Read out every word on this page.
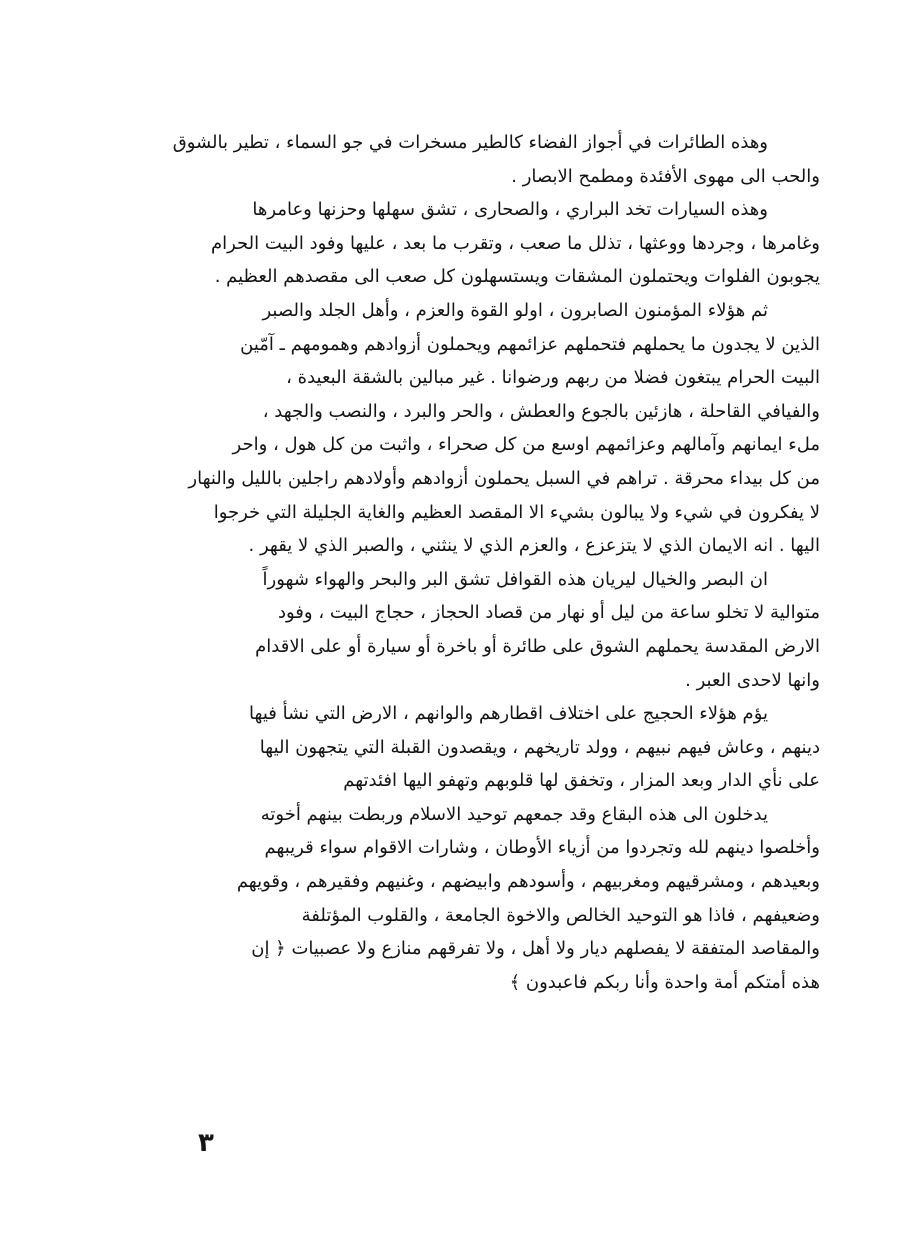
وهذه الطائرات في أجواز الفضاء كالطير مسخرات في جو السماء ، تطير بالشوق
والحب الى مهوى الأفئدة ومطمح الابصار .
وهذه السيارات تخد البراري ، والصحارى ، تشق سهلها وحزنها وعامرها
وغامرها ، وجردها ووعثها ، تذلل ما صعب ، وتقرب ما بعد ، عليها وفود البيت الحرام
يجوبون الفلوات ويحتملون المشقات ويستسهلون كل صعب الى مقصدهم العظيم .
ثم هؤلاء المؤمنون الصابرون ، اولو القوة والعزم ، وأهل الجلد والصبر
الذين لا يجدون ما يحملهم فتحملهم عزائمهم ويحملون أزوادهم وهمومهم ـ آمّين
البيت الحرام يبتغون فضلا من ربهم ورضوانا . غير مبالين بالشقة البعيدة ،
والفيافي القاحلة ، هازئين بالجوع والعطش ، والحر والبرد ، والنصب والجهد ،
ملء ايمانهم وآمالهم وعزائمهم اوسع من كل صحراء ، واثبت من كل هول ، واحر
من كل بيداء محرقة . تراهم في السبل يحملون أزوادهم وأولادهم راجلين بالليل والنهار
لا يفكرون في شيء ولا يبالون بشيء الا المقصد العظيم والغاية الجليلة التي خرجوا
اليها . انه الايمان الذي لا يتزعزع ، والعزم الذي لا ينثني ، والصبر الذي لا يقهر .
ان البصر والخيال ليريان هذه القوافل تشق البر والبحر والهواء شهوراً
متوالية لا تخلو ساعة من ليل أو نهار من قصاد الحجاز ، حجاج البيت ، وفود
الارض المقدسة يحملهم الشوق على طائرة أو باخرة أو سيارة أو على الاقدام
وانها لاحدى العبر .
يؤم هؤلاء الحجيج على اختلاف اقطارهم والوانهم ، الارض التي نشأ فيها
دينهم ، وعاش فيهم نبيهم ، وولد تاريخهم ، ويقصدون القبلة التي يتجهون اليها
على نأي الدار وبعد المزار ، وتخفق لها قلوبهم وتهفو اليها افئدتهم
يدخلون الى هذه البقاع وقد جمعهم توحيد الاسلام وربطت بينهم أخوته
وأخلصوا دينهم لله وتجردوا من أزياء الأوطان ، وشارات الاقوام سواء قريبهم
وبعيدهم ، ومشرقيهم ومغربيهم ، وأسودهم وابيضهم ، وغنيهم وفقيرهم ، وقويهم
وضعيفهم ، فاذا هو التوحيد الخالص والاخوة الجامعة ، والقلوب المؤتلفة
والمقاصد المتفقة لا يفصلهم ديار ولا أهل ، ولا تفرقهم منازع ولا عصبيات ﴿ إن
هذه أمتكم أمة واحدة وأنا ربكم فاعبدون ﴾
٣
